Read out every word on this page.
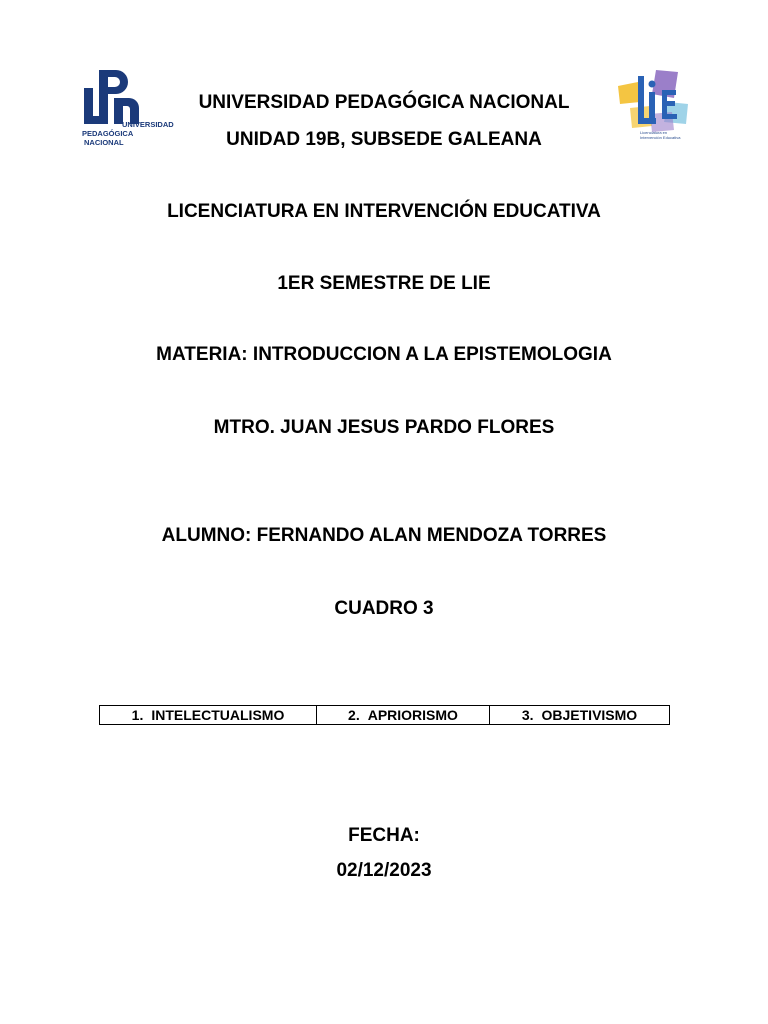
UNIVERSIDAD
PEDAGÓGICA
NACIONAL
Licenciatura en
Intervención Educativa
UNIVERSIDAD PEDAGÓGICA NACIONAL
UNIDAD 19B, SUBSEDE GALEANA
LICENCIATURA EN INTERVENCIÓN EDUCATIVA
1ER SEMESTRE DE LIE
MATERIA: INTRODUCCION A LA EPISTEMOLOGIA
MTRO. JUAN JESUS PARDO FLORES
ALUMNO: FERNANDO ALAN MENDOZA TORRES
CUADRO 3
1. INTELECTUALISMO	2. APRIORISMO	3. OBJETIVISMO
FECHA:
02/12/2023
